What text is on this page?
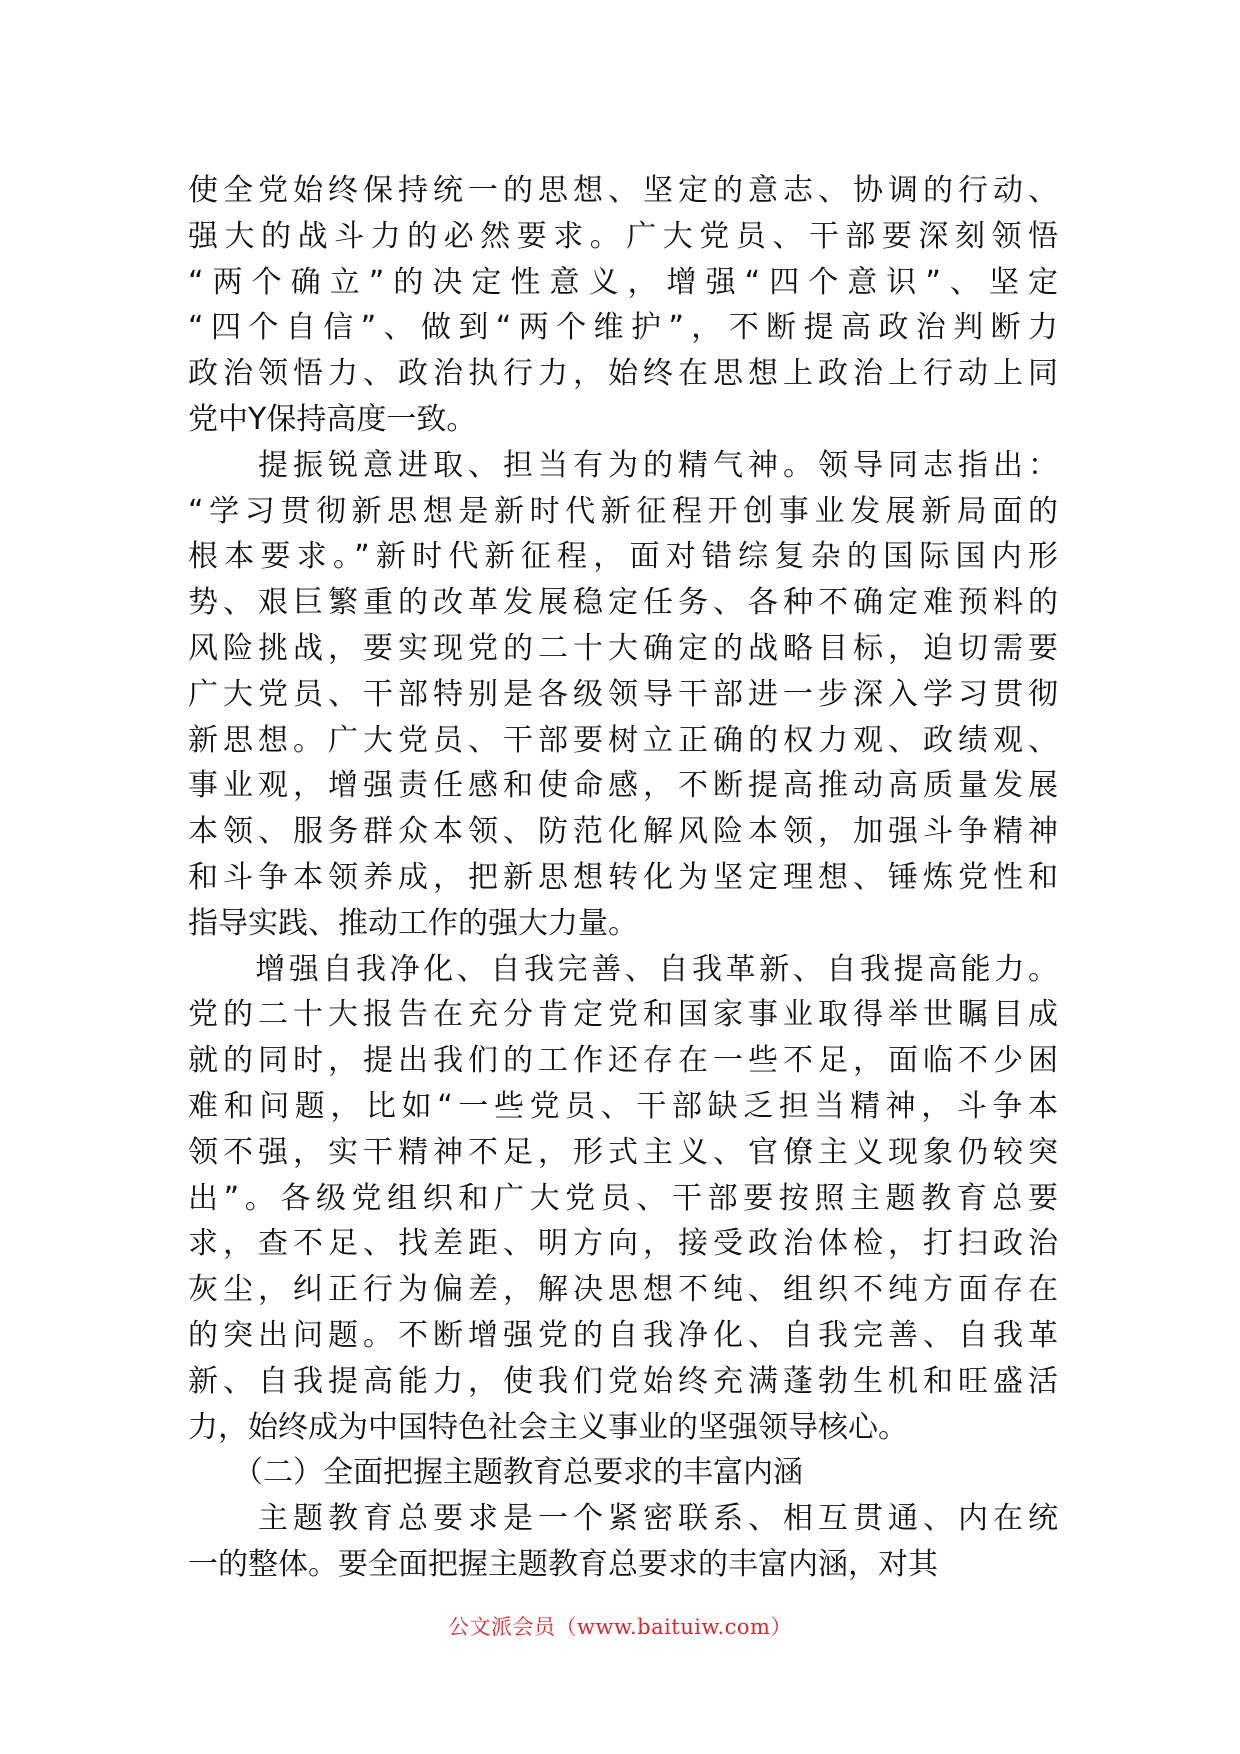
使全党始终保持统一的思想、坚定的意志、协调的行动、
强大的战斗力的必然要求。广大党员、干部要深刻领悟
“两个确立”的决定性意义，增强“四个意识”、坚定
“四个自信”、做到“两个维护”，不断提高政治判断力
政治领悟力、政治执行力，始终在思想上政治上行动上同
党中Y保持高度一致。
　　提振锐意进取、担当有为的精气神。领导同志指出：
“学习贯彻新思想是新时代新征程开创事业发展新局面的
根本要求。”新时代新征程，面对错综复杂的国际国内形
势、艰巨繁重的改革发展稳定任务、各种不确定难预料的
风险挑战，要实现党的二十大确定的战略目标，迫切需要
广大党员、干部特别是各级领导干部进一步深入学习贯彻
新思想。广大党员、干部要树立正确的权力观、政绩观、
事业观，增强责任感和使命感，不断提高推动高质量发展
本领、服务群众本领、防范化解风险本领，加强斗争精神
和斗争本领养成，把新思想转化为坚定理想、锤炼党性和
指导实践、推动工作的强大力量。
　　增强自我净化、自我完善、自我革新、自我提高能力。
党的二十大报告在充分肯定党和国家事业取得举世瞩目成
就的同时，提出我们的工作还存在一些不足，面临不少困
难和问题，比如“一些党员、干部缺乏担当精神，斗争本
领不强，实干精神不足，形式主义、官僚主义现象仍较突
出”。各级党组织和广大党员、干部要按照主题教育总要
求，查不足、找差距、明方向，接受政治体检，打扫政治
灰尘，纠正行为偏差，解决思想不纯、组织不纯方面存在
的突出问题。不断增强党的自我净化、自我完善、自我革
新、自我提高能力，使我们党始终充满蓬勃生机和旺盛活
力，始终成为中国特色社会主义事业的坚强领导核心。
　　（二）全面把握主题教育总要求的丰富内涵
　　主题教育总要求是一个紧密联系、相互贯通、内在统
一的整体。要全面把握主题教育总要求的丰富内涵，对其
公文派会员（www.baituiw.com）
